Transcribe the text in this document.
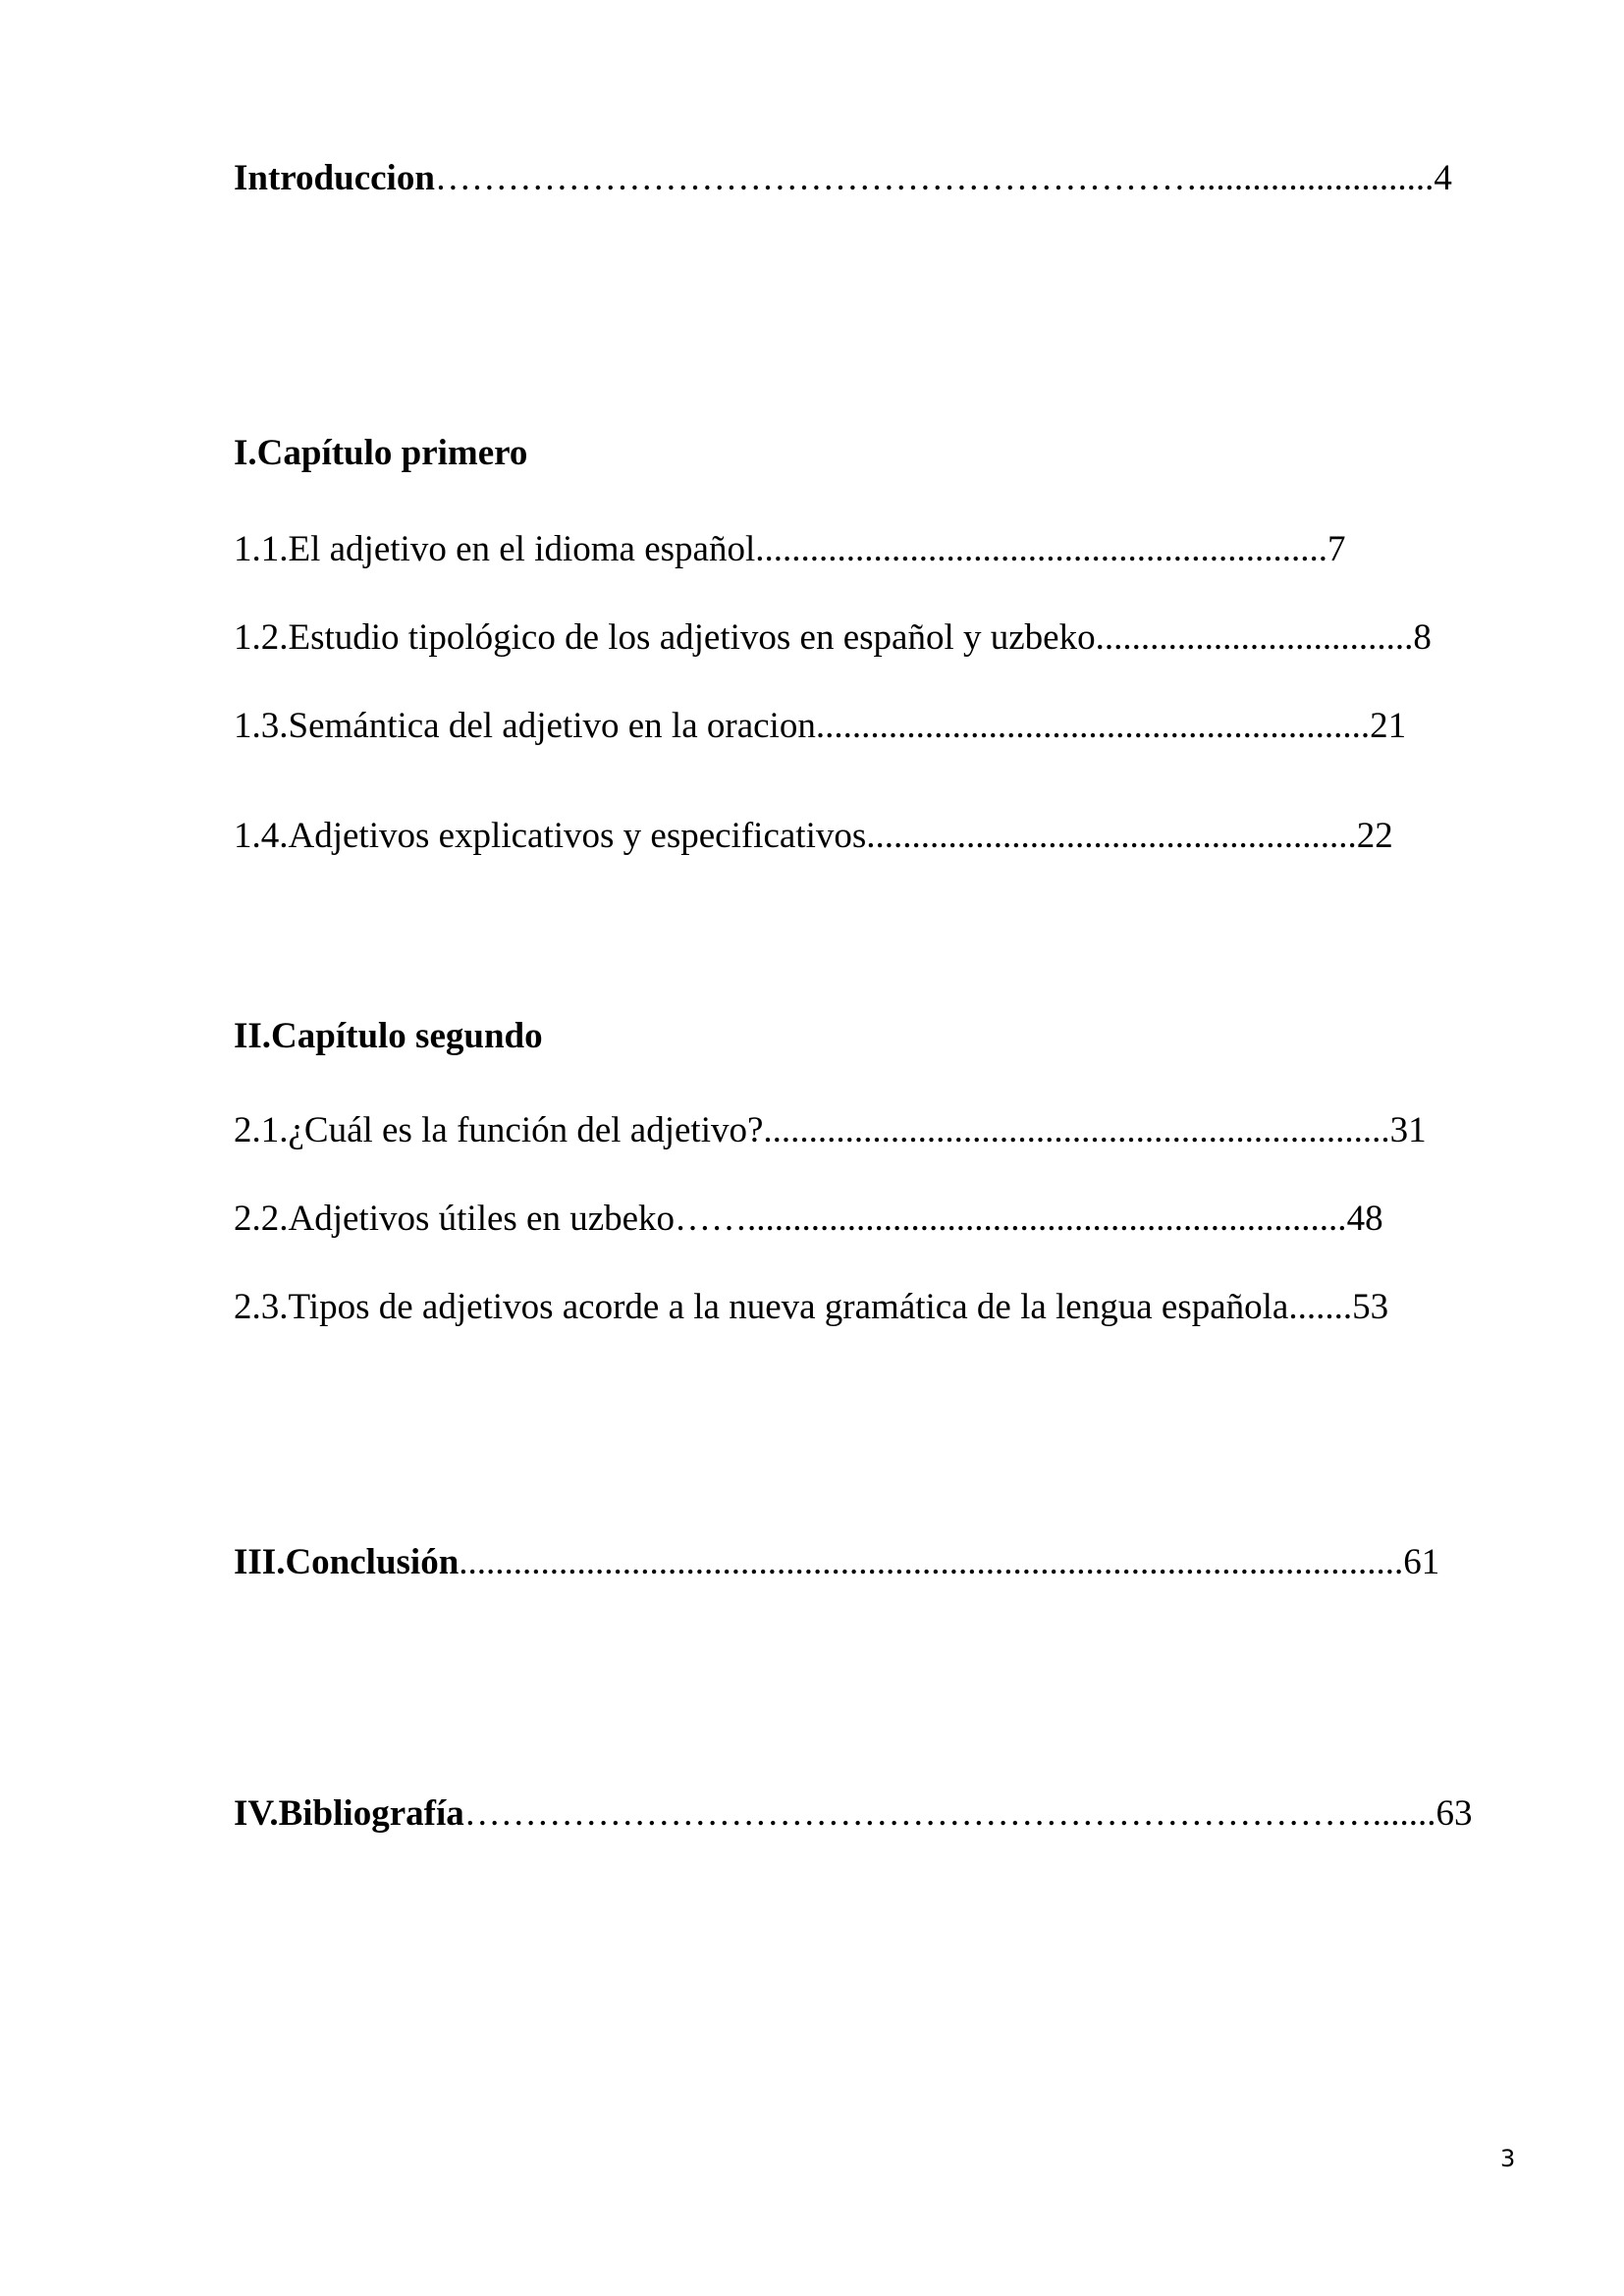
Introduccion………………………………………………………..........................4
I.Capítulo primero
1.1.El adjetivo en el idioma español...............................................................7
1.2.Estudio tipológico de los adjetivos en español y uzbeko...................................8
1.3.Semántica del adjetivo en la oracion.............................................................21
1.4.Adjetivos explicativos y especificativos......................................................22
II.Capítulo segundo
2.1.¿Cuál es la función del adjetivo?.....................................................................31
2.2.Adjetivos útiles en uzbeko……..................................................................48
2.3.Tipos de adjetivos acorde a la nueva gramática de la lengua española.......53
III.Conclusión........................................................................................................61
IV.Bibliografía………………………………………………………………….......63
3
